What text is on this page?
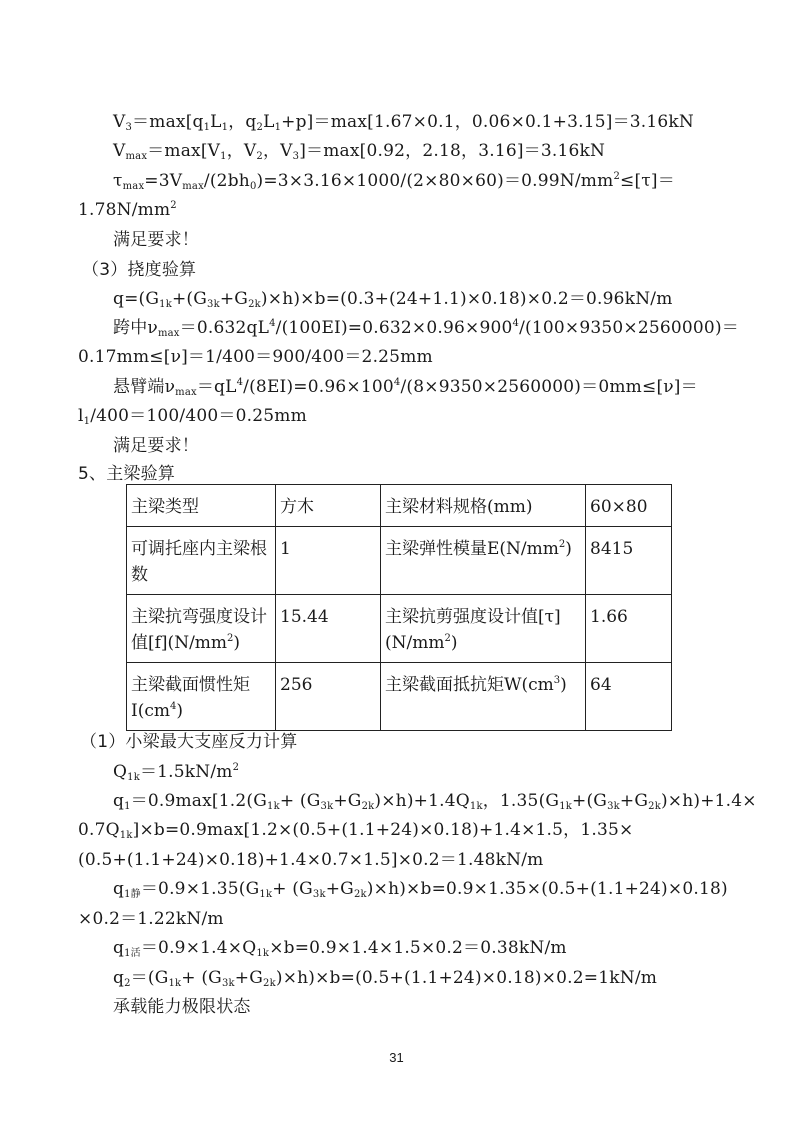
$V_3=\max[q_1L_1$，$q_2L_1+p]=\max[1.67\times 0.1$，0.06×0.1+3.15]＝3.16kN
$V_{max}=\max[V_1$，$V_2$，$V_3]=\max[0.92$，2.18，3.16]＝3.16kN
$\tau_{max}=3V_{max}/(2bh_0)=3\times 3.16\times 1000/(2\times 80\times 60)=0.99N/mm^2\le[\tau]=$
$1.78N/mm^2$
满足要求！
（3）挠度验算
$q=(G_{1k}+(G_{3k}+G_{2k})\times h)\times b=(0.3+(24+1.1)\times 0.18)\times 0.2=0.96kN/m$
跨中$\nu_{max}=0.632qL^4/(100EI)=0.632\times 0.96\times 900^4/(100\times 9350\times 2560000)=$
0.17mm≤[ν]＝1/400＝900/400＝2.25mm
悬臂端$\nu_{max}=qL^4/(8EI)=0.96\times 100^4/(8\times 9350\times 2560000)=0mm\le[\nu]=$
$l_1/400=100/400=0.25mm$
满足要求！
5、主梁验算
主梁类型	方木	主梁材料规格(mm)	60×80
可调托座内主梁根数	1	主梁弹性模量$E(N/mm^2)$	8415
主梁抗弯强度设计值$[f](N/mm^2)$	15.44	主梁抗剪强度设计值$[\tau](N/mm^2)$	1.66
主梁截面惯性矩$I(cm^4)$	256	主梁截面抵抗矩$W(cm^3)$	64
（1）小梁最大支座反力计算
$Q_{1k}=1.5kN/m^2$
$q_1=0.9\max[1.2(G_{1k}+ (G_{3k}+G_{2k})\times h)+1.4Q_{1k}$，$1.35(G_{1k}+(G_{3k}+G_{2k})\times h)+1.4\times$
$0.7Q_{1k}]\times b=0.9\max[1.2\times(0.5+(1.1+24)\times 0.18)+1.4\times 1.5$，1.35×
(0.5+(1.1+24)×0.18)+1.4×0.7×1.5]×0.2＝1.48kN/m
$q_{1静}=0.9\times 1.35(G_{1k}+ (G_{3k}+G_{2k})\times h)\times b=0.9\times 1.35\times(0.5+(1.1+24)\times 0.18)$
×0.2＝1.22kN/m
$q_{1活}=0.9\times 1.4\times Q_{1k}\times b=0.9\times 1.4\times 1.5\times 0.2=0.38kN/m$
$q_2=(G_{1k}+ (G_{3k}+G_{2k})\times h)\times b=(0.5+(1.1+24)\times 0.18)\times 0.2=1kN/m$
承载能力极限状态
31
